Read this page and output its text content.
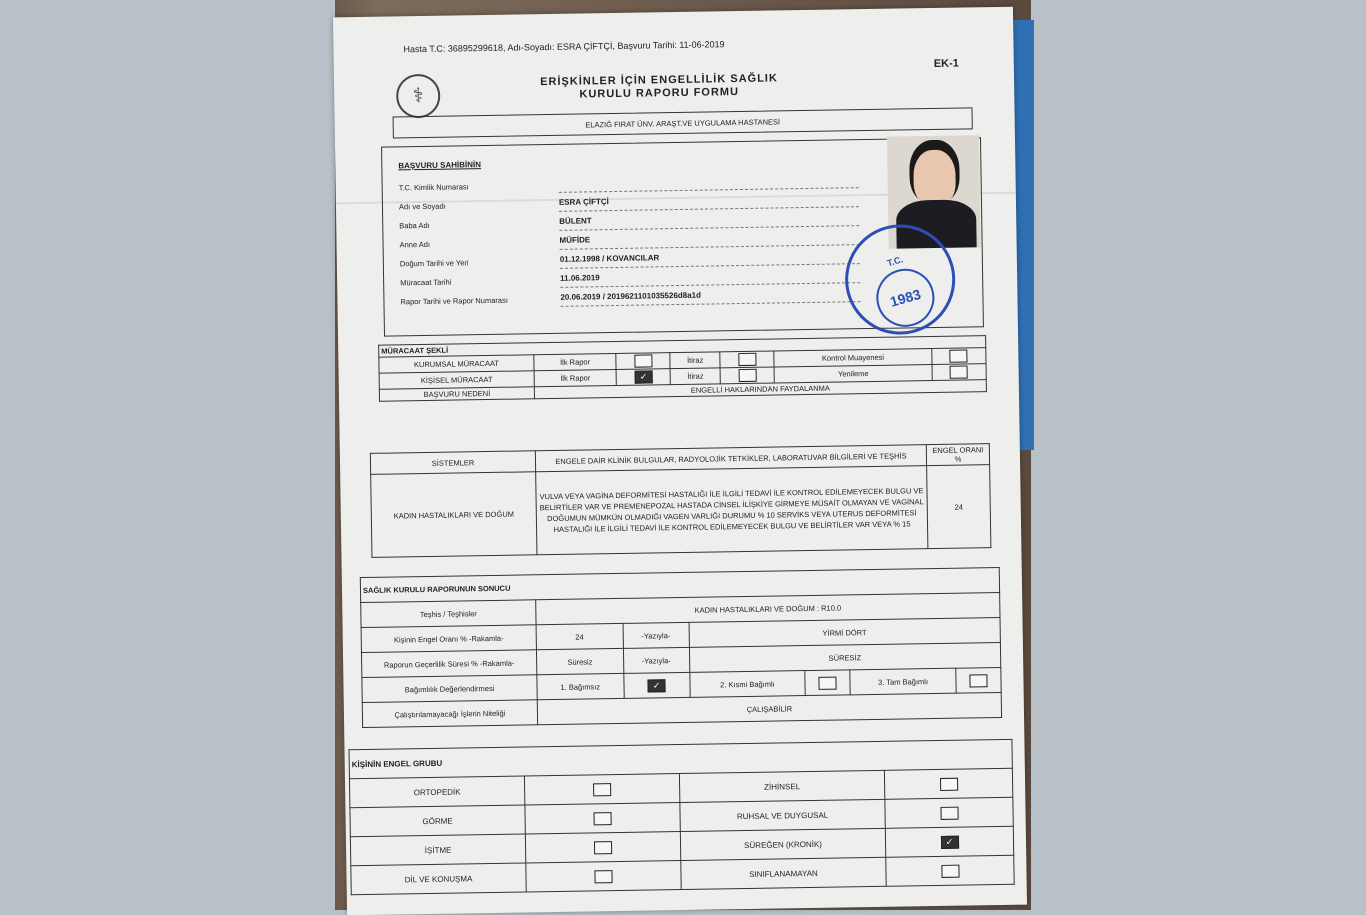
Hasta T.C: 36895299618, Adı-Soyadı: ESRA ÇİFTÇİ, Başvuru Tarihi: 11-06-2019
EK-1
⚕
ERİŞKİNLER İÇİN ENGELLİLİK SAĞLIK
KURULU RAPORU FORMU
ELAZIĞ FIRAT ÜNV. ARAŞT.VE UYGULAMA HASTANESİ
BAŞVURU SAHİBİNİN
T.C. Kimlik Numarası
Adı ve Soyadı	ESRA ÇİFTÇİ
Baba Adı	BÜLENT
Anne Adı	MÜFİDE
Doğum Tarihi ve Yeri	01.12.1998 / KOVANCILAR
Müracaat Tarihi	11.06.2019
Rapor Tarihi ve Rapor Numarası	20.06.2019 / 2019621101035526d8a1d
T.C.
1983
MÜRACAAT ŞEKLİ						
KURUMSAL MÜRACAAT	İlk Rapor		İtiraz		Kontrol Muayenesi	
KİŞİSEL MÜRACAAT	İlk Rapor	✓	İtiraz		Yenileme	
BAŞVURU NEDENİ	ENGELLİ HAKLARINDAN FAYDALANMA					
SİSTEMLER	ENGELE DAİR KLİNİK BULGULAR, RADYOLOJİK TETKİKLER, LABORATUVAR BİLGİLERİ VE TEŞHİS	ENGEL ORANI %
KADIN HASTALIKLARI VE DOĞUM	VULVA VEYA VAGİNA DEFORMİTESİ HASTALIĞI İLE İLGİLİ TEDAVİ İLE KONTROL EDİLEMEYECEK BULGU VE BELİRTİLER VAR VE PREMENEPOZAL HASTADA CİNSEL İLİŞKİYE GİRMEYE MÜSAİT OLMAYAN VE VAGİNAL DOĞUMUN MÜMKÜN OLMADIĞI VAGEN VARLIĞI DURUMU % 10 SERVİKS VEYA UTERUS DEFORMİTESİ HASTALIĞI İLE İLGİLİ TEDAVİ İLE KONTROL EDİLEMEYECEK BULGU VE BELİRTİLER VAR VEYA % 15	24
SAĞLIK KURULU RAPORUNUN SONUCU						
Teşhis / Teşhisler	KADIN HASTALIKLARI VE DOĞUM : R10.0					
Kişinin Engel Oranı % -Rakamla-	24	-Yazıyla-	YİRMİ DÖRT			
Raporun Geçerlilik Süresi % -Rakamla-	Süresiz	-Yazıyla-	SÜRESİZ			
Bağımlılık Değerlendirmesi	1. Bağımsız	✓	2. Kısmi Bağımlı		3. Tam Bağımlı	
Çalıştırılamayacağı İşlerin Niteliği	ÇALIŞABİLİR					
KİŞİNİN ENGEL GRUBU			
ORTOPEDİK		ZİHİNSEL	
GÖRME		RUHSAL VE DUYGUSAL	
İŞİTME		SÜREĞEN (KRONİK)	✓
DİL VE KONUŞMA		SINIFLANAMAYAN	
